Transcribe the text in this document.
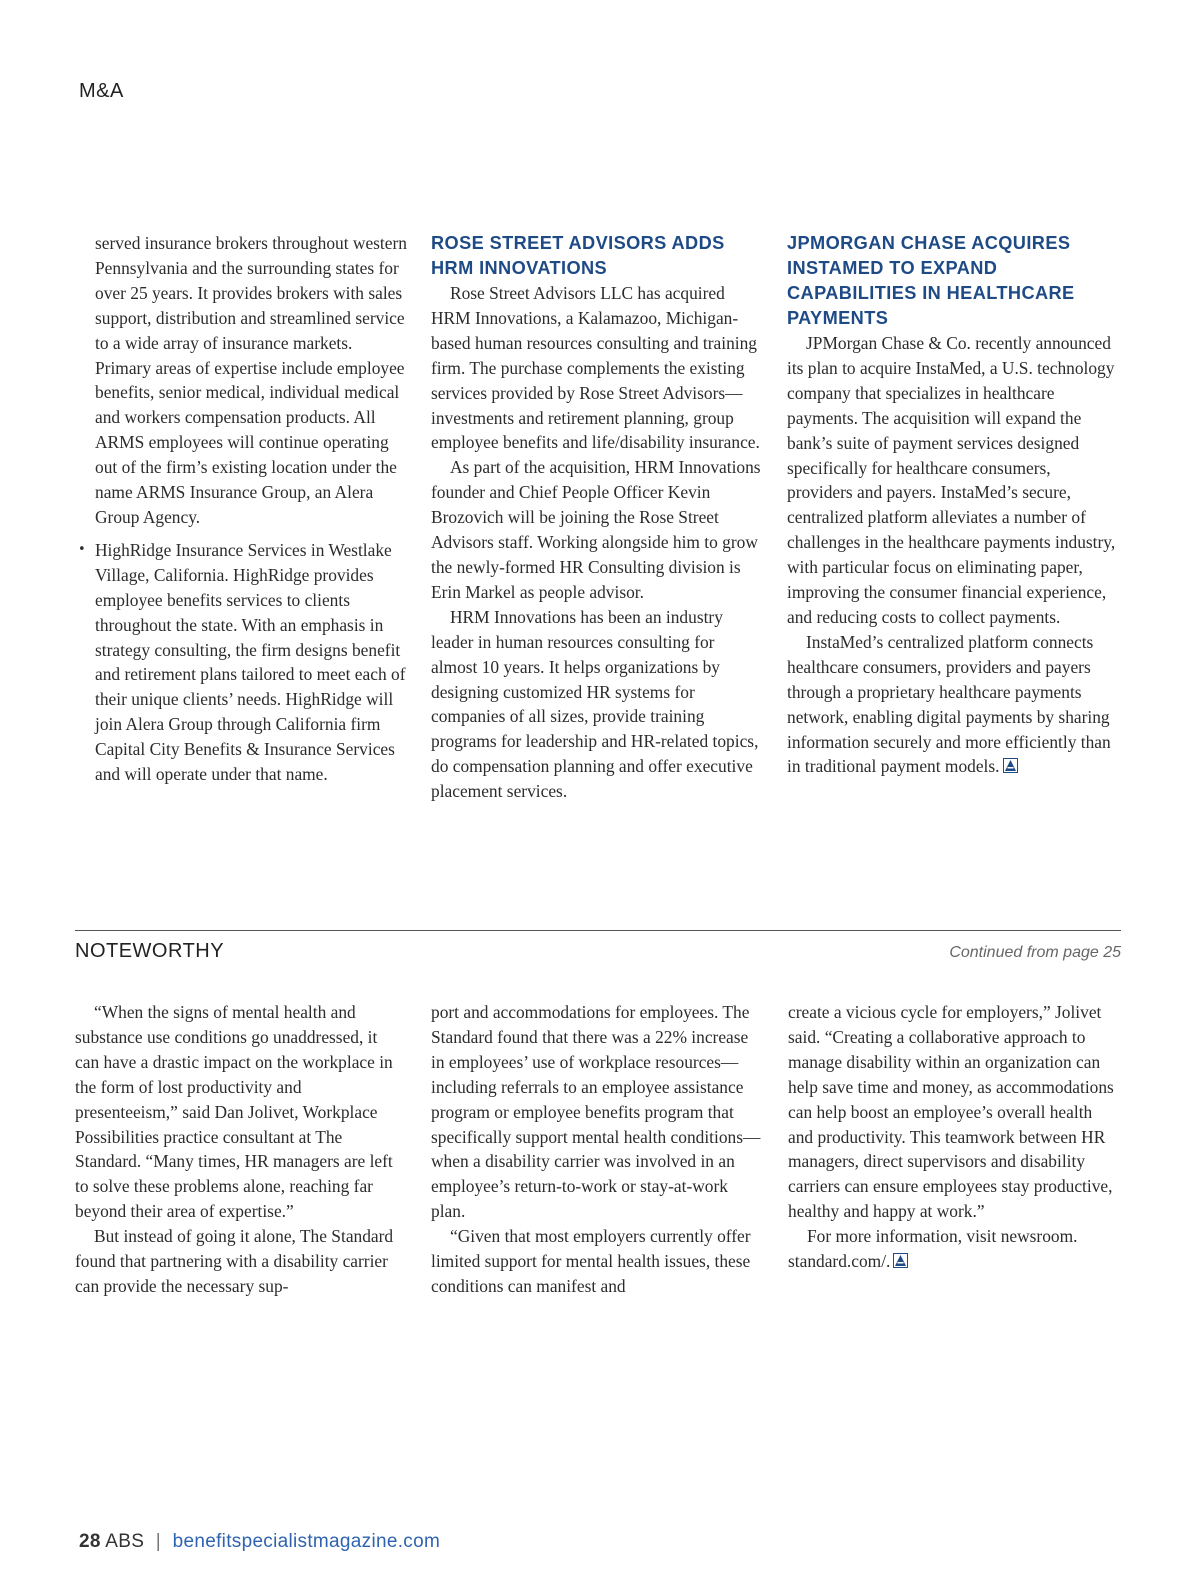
M&A

served insurance brokers throughout western Pennsylvania and the surrounding states for over 25 years. It provides brokers with sales support, distribution and streamlined service to a wide array of insurance markets. Primary areas of expertise include employee benefits, senior medical, individual medical and workers compensation products. All ARMS employees will continue operating out of the firm’s existing location under the name ARMS Insurance Group, an Alera Group Agency.

• HighRidge Insurance Services in Westlake Village, California. HighRidge provides employee benefits services to clients throughout the state. With an emphasis in strategy consulting, the firm designs benefit and retirement plans tailored to meet each of their unique clients’ needs. HighRidge will join Alera Group through California firm Capital City Benefits & Insurance Services and will operate under that name.
ROSE STREET ADVISORS ADDS HRM INNOVATIONS

Rose Street Advisors LLC has acquired HRM Innovations, a Kalamazoo, Michigan-based human resources consulting and training firm. The purchase complements the existing services provided by Rose Street Advisors—investments and retirement planning, group employee benefits and life/disability insurance.

As part of the acquisition, HRM Innovations founder and Chief People Officer Kevin Brozovich will be joining the Rose Street Advisors staff. Working alongside him to grow the newly-formed HR Consulting division is Erin Markel as people advisor.

HRM Innovations has been an industry leader in human resources consulting for almost 10 years. It helps organizations by designing customized HR systems for companies of all sizes, provide training programs for leadership and HR-related topics, do compensation planning and offer executive placement services.

JPMORGAN CHASE ACQUIRES INSTAMED TO EXPAND CAPABILITIES IN HEALTHCARE PAYMENTS

JPMorgan Chase & Co. recently announced its plan to acquire InstaMed, a U.S. technology company that specializes in healthcare payments. The acquisition will expand the bank’s suite of payment services designed specifically for healthcare consumers, providers and payers. InstaMed’s secure, centralized platform alleviates a number of challenges in the healthcare payments industry, with particular focus on eliminating paper, improving the consumer financial experience, and reducing costs to collect payments.

InstaMed’s centralized platform connects healthcare consumers, providers and payers through a proprietary healthcare payments network, enabling digital payments by sharing information securely and more efficiently than in traditional payment models.

NOTEWORTHY	Continued from page 25

“When the signs of mental health and substance use conditions go unaddressed, it can have a drastic impact on the workplace in the form of lost productivity and presenteeism,” said Dan Jolivet, Workplace Possibilities practice consultant at The Standard. “Many times, HR managers are left to solve these problems alone, reaching far beyond their area of expertise.”

But instead of going it alone, The Standard found that partnering with a disability carrier can provide the necessary sup-

port and accommodations for employees. The Standard found that there was a 22% increase in employees’ use of workplace resources—including referrals to an employee assistance program or employee benefits program that specifically support mental health conditions—when a disability carrier was involved in an employee’s return-to-work or stay-at-work plan.

“Given that most employers currently offer limited support for mental health issues, these conditions can manifest and

create a vicious cycle for employers,” Jolivet said. “Creating a collaborative approach to manage disability within an organization can help save time and money, as accommodations can help boost an employee’s overall health and productivity. This teamwork between HR managers, direct supervisors and disability carriers can ensure employees stay productive, healthy and happy at work.”

For more information, visit newsroom. standard.com/.

28 ABS | benefitspecialistmagazine.com
